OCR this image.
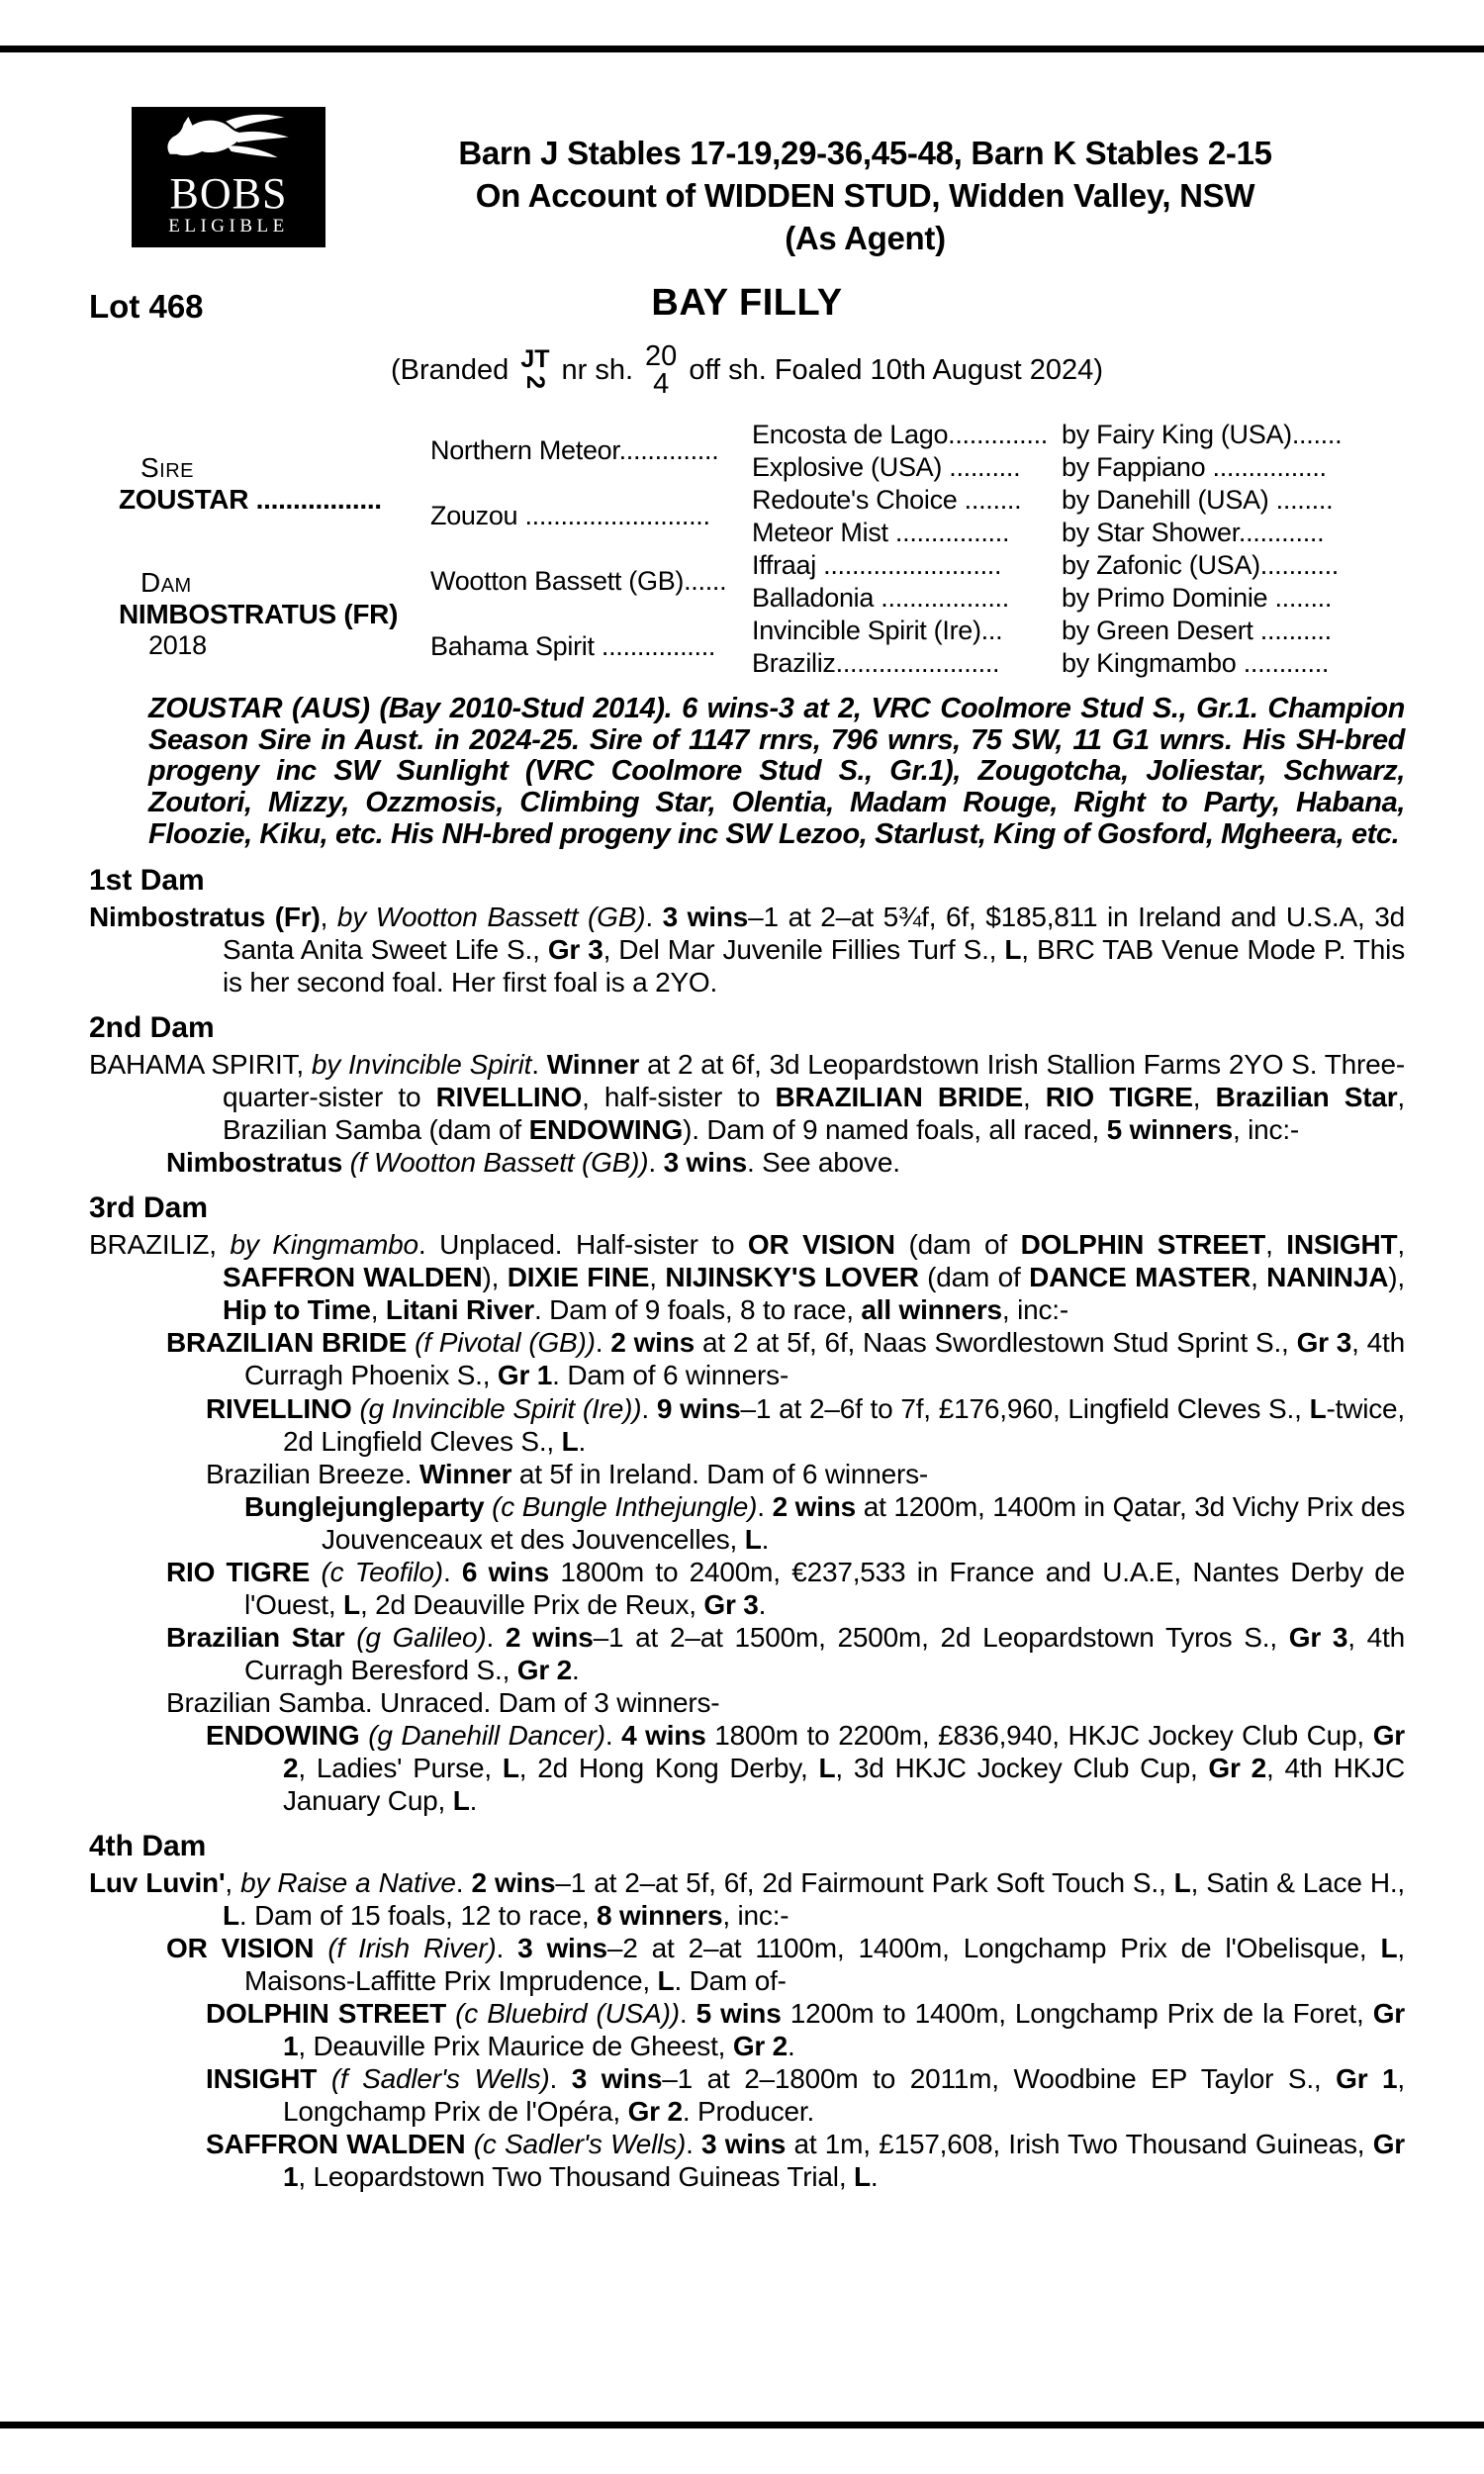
BOBS
ELIGIBLE
Barn J Stables 17-19,29-36,45-48, Barn K Stables 2-15
On Account of WIDDEN STUD, Widden Valley, NSW
(As Agent)
Lot 468	BAY FILLY
(Branded JT
2 nr sh. 20
4 off sh. Foaled 10th August 2024)
Sire
ZOUSTAR .................
Dam
NIMBOSTRATUS (FR)
2018
Northern Meteor..............
Zouzou ..........................
Wootton Bassett (GB)......
Bahama Spirit ................
Encosta de Lago..............
Explosive (USA) ..........
Redoute's Choice ........
Meteor Mist ................
Iffraaj .........................
Balladonia ..................
Invincible Spirit (Ire)...
Braziliz.......................
by Fairy King (USA).......
by Fappiano ................
by Danehill (USA) ........
by Star Shower............
by Zafonic (USA)...........
by Primo Dominie ........
by Green Desert ..........
by Kingmambo ............
ZOUSTAR (AUS) (Bay 2010-Stud 2014). 6 wins-3 at 2, VRC Coolmore Stud S., Gr.1. Champion Season Sire in Aust. in 2024-25. Sire of 1147 rnrs, 796 wnrs, 75 SW, 11 G1 wnrs. His SH-bred progeny inc SW Sunlight (VRC Coolmore Stud S., Gr.1), Zougotcha, Joliestar, Schwarz, Zoutori, Mizzy, Ozzmosis, Climbing Star, Olentia, Madam Rouge, Right to Party, Habana, Floozie, Kiku, etc. His NH-bred progeny inc SW Lezoo, Starlust, King of Gosford, Mgheera, etc.
1st Dam
Nimbostratus (Fr), by Wootton Bassett (GB). 3 wins–1 at 2–at 5¾f, 6f, $185,811 in Ireland and U.S.A, 3d Santa Anita Sweet Life S., Gr 3, Del Mar Juvenile Fillies Turf S., L, BRC TAB Venue Mode P. This is her second foal. Her first foal is a 2YO.
2nd Dam
BAHAMA SPIRIT, by Invincible Spirit. Winner at 2 at 6f, 3d Leopardstown Irish Stallion Farms 2YO S. Three-quarter-sister to RIVELLINO, half-sister to BRAZILIAN BRIDE, RIO TIGRE, Brazilian Star, Brazilian Samba (dam of ENDOWING). Dam of 9 named foals, all raced, 5 winners, inc:-
Nimbostratus (f Wootton Bassett (GB)). 3 wins. See above.
3rd Dam
BRAZILIZ, by Kingmambo. Unplaced. Half-sister to OR VISION (dam of DOLPHIN STREET, INSIGHT, SAFFRON WALDEN), DIXIE FINE, NIJINSKY'S LOVER (dam of DANCE MASTER, NANINJA), Hip to Time, Litani River. Dam of 9 foals, 8 to race, all winners, inc:-
BRAZILIAN BRIDE (f Pivotal (GB)). 2 wins at 2 at 5f, 6f, Naas Swordlestown Stud Sprint S., Gr 3, 4th Curragh Phoenix S., Gr 1. Dam of 6 winners-
RIVELLINO (g Invincible Spirit (Ire)). 9 wins–1 at 2–6f to 7f, £176,960, Lingfield Cleves S., L-twice, 2d Lingfield Cleves S., L.
Brazilian Breeze. Winner at 5f in Ireland. Dam of 6 winners-
Bunglejungleparty (c Bungle Inthejungle). 2 wins at 1200m, 1400m in Qatar, 3d Vichy Prix des Jouvenceaux et des Jouvencelles, L.
RIO TIGRE (c Teofilo). 6 wins 1800m to 2400m, €237,533 in France and U.A.E, Nantes Derby de l'Ouest, L, 2d Deauville Prix de Reux, Gr 3.
Brazilian Star (g Galileo). 2 wins–1 at 2–at 1500m, 2500m, 2d Leopardstown Tyros S., Gr 3, 4th Curragh Beresford S., Gr 2.
Brazilian Samba. Unraced. Dam of 3 winners-
ENDOWING (g Danehill Dancer). 4 wins 1800m to 2200m, £836,940, HKJC Jockey Club Cup, Gr 2, Ladies' Purse, L, 2d Hong Kong Derby, L, 3d HKJC Jockey Club Cup, Gr 2, 4th HKJC January Cup, L.
4th Dam
Luv Luvin', by Raise a Native. 2 wins–1 at 2–at 5f, 6f, 2d Fairmount Park Soft Touch S., L, Satin & Lace H., L. Dam of 15 foals, 12 to race, 8 winners, inc:-
OR VISION (f Irish River). 3 wins–2 at 2–at 1100m, 1400m, Longchamp Prix de l'Obelisque, L, Maisons-Laffitte Prix Imprudence, L. Dam of-
DOLPHIN STREET (c Bluebird (USA)). 5 wins 1200m to 1400m, Longchamp Prix de la Foret, Gr 1, Deauville Prix Maurice de Gheest, Gr 2.
INSIGHT (f Sadler's Wells). 3 wins–1 at 2–1800m to 2011m, Woodbine EP Taylor S., Gr 1, Longchamp Prix de l'Opéra, Gr 2. Producer.
SAFFRON WALDEN (c Sadler's Wells). 3 wins at 1m, £157,608, Irish Two Thousand Guineas, Gr 1, Leopardstown Two Thousand Guineas Trial, L.
